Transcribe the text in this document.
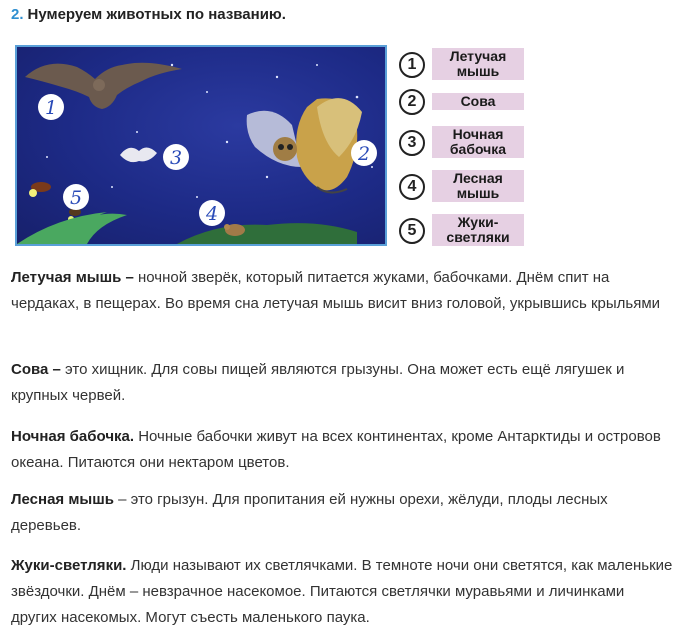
2. Нумеруем животных по названию.
1
3
5
4
2
1	Летучая мышь
2	Сова
3	Ночная бабочка
4	Лесная мышь
5	Жуки-светляки
Летучая мышь – ночной зверёк, который питается жуками, бабочками. Днём спит на чердаках, в пещерах. Во время сна летучая мышь висит вниз головой, укрывшись крыльями
Сова – это хищник. Для совы пищей являются грызуны. Она может есть ещё лягушек и крупных червей.
Ночная бабочка. Ночные бабочки живут на всех континентах, кроме Антарктиды и островов океана. Питаются они нектаром цветов.
Лесная мышь – это грызун. Для пропитания ей нужны орехи, жёлуди, плоды лесных деревьев.
Жуки-светляки. Люди называют их светлячками. В темноте ночи они светятся, как маленькие звёздочки. Днём – невзрачное насекомое. Питаются светлячки муравьями и личинками других насекомых. Могут съесть маленького паука.
